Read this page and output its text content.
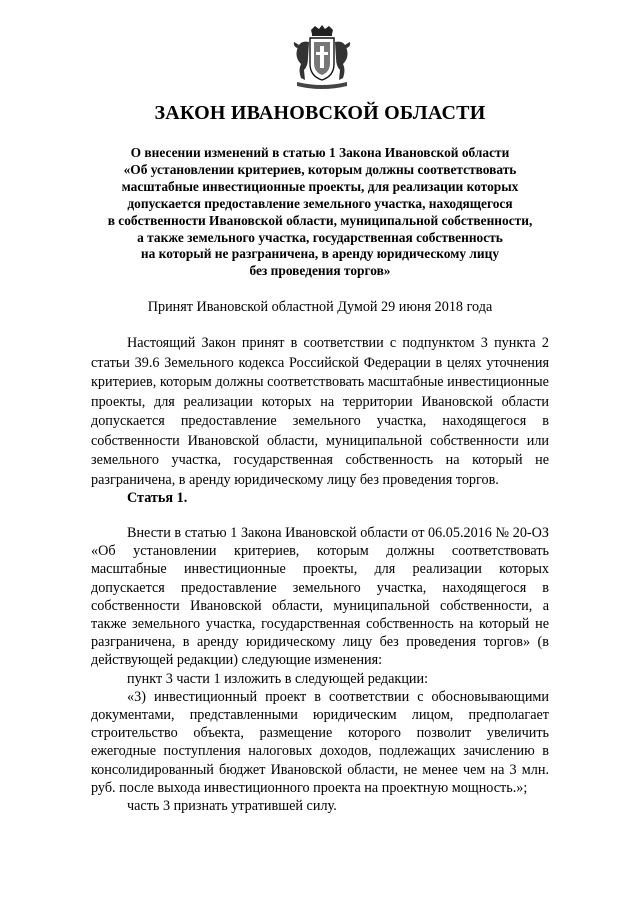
ЗАКОН ИВАНОВСКОЙ ОБЛАСТИ
О внесении изменений в статью 1 Закона Ивановской области
«Об установлении критериев, которым должны соответствовать
масштабные инвестиционные проекты, для реализации которых
допускается предоставление земельного участка, находящегося
в собственности Ивановской области, муниципальной собственности,
а также земельного участка, государственная собственность
на который не разграничена, в аренду юридическому лицу
без проведения торгов»
Принят Ивановской областной Думой 29 июня 2018 года

Настоящий Закон принят в соответствии с подпунктом 3 пункта 2 статьи 39.6 Земельного кодекса Российской Федерации в целях уточнения критериев, которым должны соответствовать масштабные инвестиционные проекты, для реализации которых на территории Ивановской области допускается предоставление земельного участка, находящегося в собственности Ивановской области, муниципальной собственности или земельного участка, государственная собственность на который не разграничена, в аренду юридическому лицу без проведения торгов.

Статья 1.

Внести в статью 1 Закона Ивановской области от 06.05.2016 № 20-ОЗ «Об установлении критериев, которым должны соответствовать масштабные инвестиционные проекты, для реализации которых допускается предоставление земельного участка, находящегося в собственности Ивановской области, муниципальной собственности, а также земельного участка, государственная собственность на который не разграничена, в аренду юридическому лицу без проведения торгов» (в действующей редакции) следующие изменения:

пункт 3 части 1 изложить в следующей редакции:

«3) инвестиционный проект в соответствии с обосновывающими документами, представленными юридическим лицом, предполагает строительство объекта, размещение которого позволит увеличить ежегодные поступления налоговых доходов, подлежащих зачислению в консолидированный бюджет Ивановской области, не менее чем на 3 млн. руб. после выхода инвестиционного проекта на проектную мощность.»;

часть 3 признать утратившей силу.
